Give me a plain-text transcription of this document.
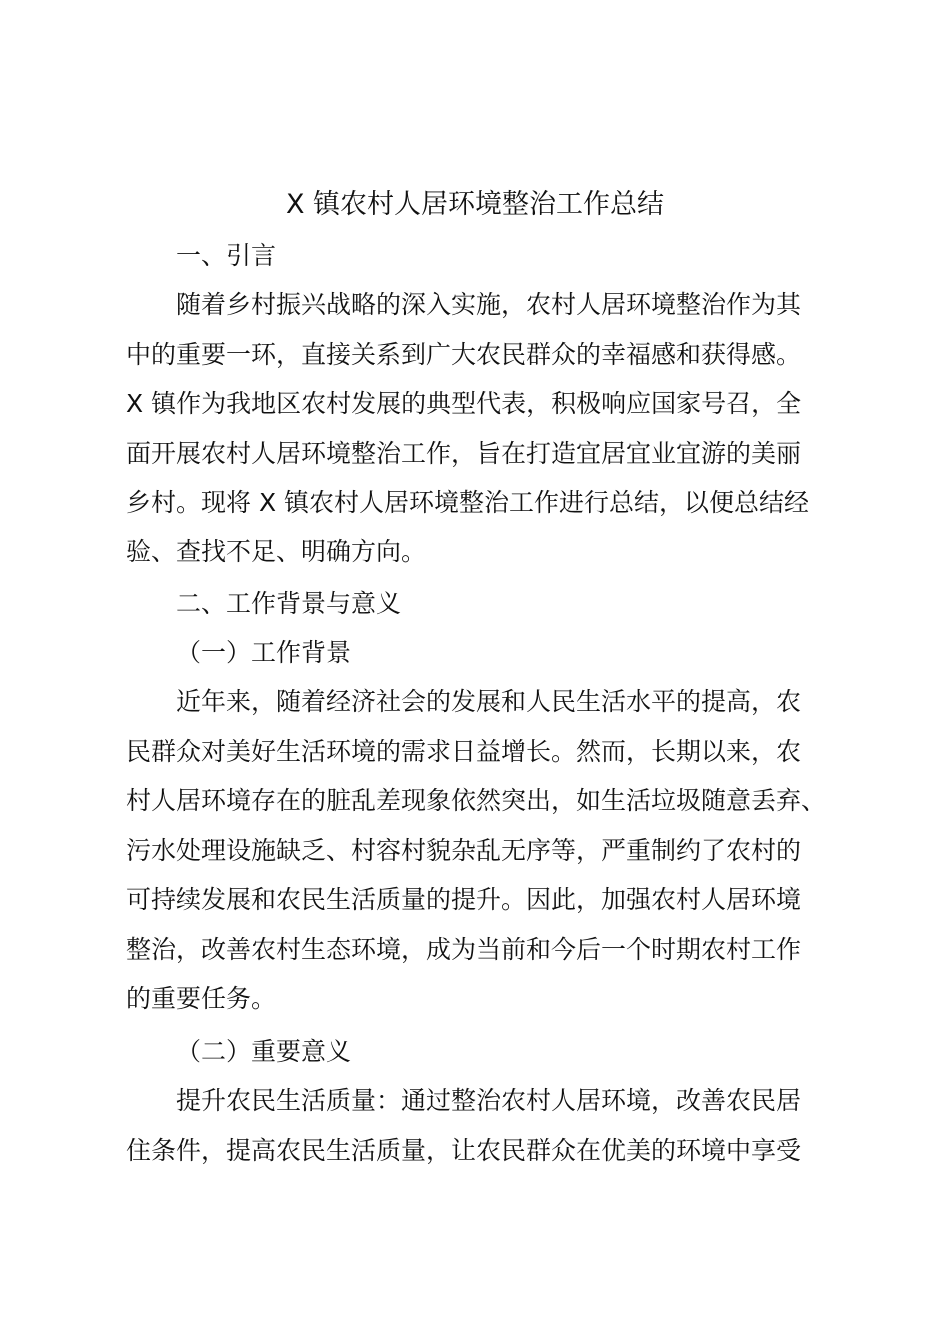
X 镇农村人居环境整治工作总结

一、引言

随着乡村振兴战略的深入实施，农村人居环境整治作为其

中的重要一环，直接关系到广大农民群众的幸福感和获得感。

X 镇作为我地区农村发展的典型代表，积极响应国家号召，全

面开展农村人居环境整治工作，旨在打造宜居宜业宜游的美丽

乡村。现将 X 镇农村人居环境整治工作进行总结，以便总结经

验、查找不足、明确方向。

二、工作背景与意义

（一）工作背景

近年来，随着经济社会的发展和人民生活水平的提高，农

民群众对美好生活环境的需求日益增长。然而，长期以来，农

村人居环境存在的脏乱差现象依然突出，如生活垃圾随意丢弃、

污水处理设施缺乏、村容村貌杂乱无序等，严重制约了农村的

可持续发展和农民生活质量的提升。因此，加强农村人居环境

整治，改善农村生态环境，成为当前和今后一个时期农村工作

的重要任务。

（二）重要意义

提升农民生活质量：通过整治农村人居环境，改善农民居

住条件，提高农民生活质量，让农民群众在优美的环境中享受
